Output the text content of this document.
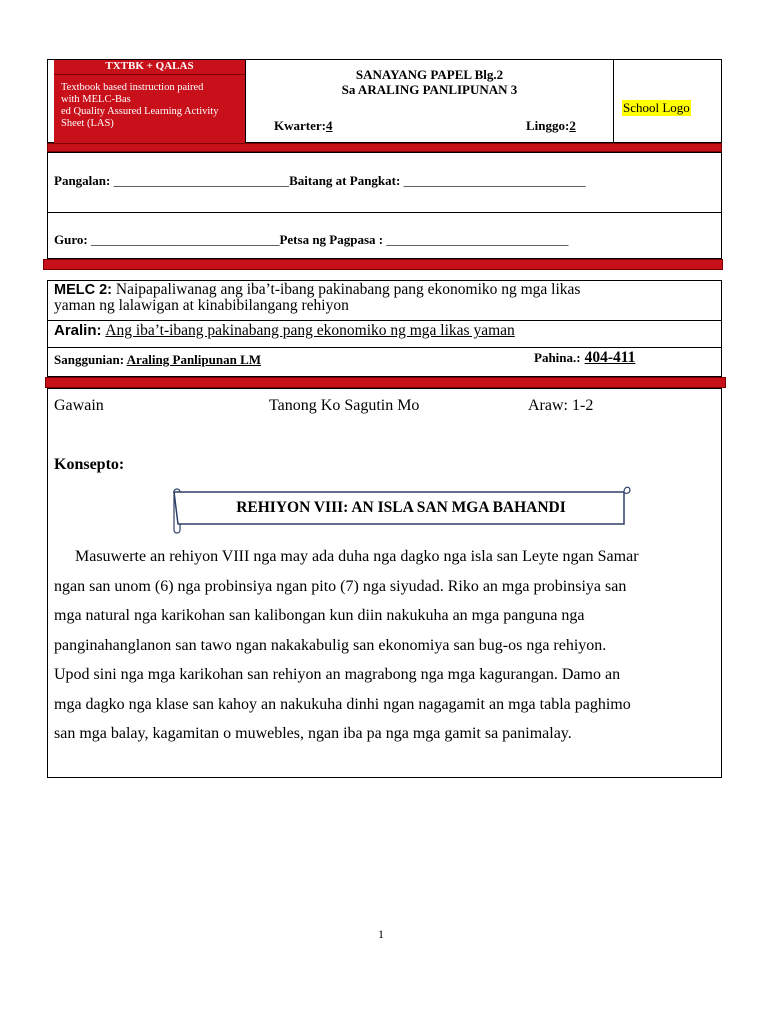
TXTBK + QALAS
Textbook based instruction paired
with MELC-Bas
ed Quality Assured Learning Activity
Sheet (LAS)
SANAYANG PAPEL Blg.2
Sa ARALING PANLIPUNAN 3
Kwarter:4	Linggo:2
School Logo
Pangalan: ___________________________Baitang at Pangkat: ____________________________
Guro: _____________________________Petsa ng Pagpasa : ____________________________
MELC 2: Naipapaliwanag ang iba’t-ibang pakinabang pang ekonomiko ng mga likas
yaman ng lalawigan at kinabibilangang rehiyon
Aralin: Ang iba’t-ibang pakinabang pang ekonomiko ng mga likas yaman
Sanggunian: Araling Panlipunan LM	Pahina.: 404-411
Gawain	Tanong Ko Sagutin Mo	Araw: 1-2
Konsepto:
REHIYON VIII: AN ISLA SAN MGA BAHANDI
Masuwerte an rehiyon VIII nga may ada duha nga dagko nga isla san Leyte ngan Samar
ngan san unom (6) nga probinsiya ngan pito (7) nga siyudad. Riko an mga probinsiya san
mga natural nga karikohan san kalibongan kun diin nakukuha an mga panguna nga
panginahanglanon san tawo ngan nakakabulig san ekonomiya san bug-os nga rehiyon.
Upod sini nga mga karikohan san rehiyon an magrabong nga mga kagurangan. Damo an
mga dagko nga klase san kahoy an nakukuha dinhi ngan nagagamit an mga tabla paghimo
san mga balay, kagamitan o muwebles, ngan iba pa nga mga gamit sa panimalay.
1
